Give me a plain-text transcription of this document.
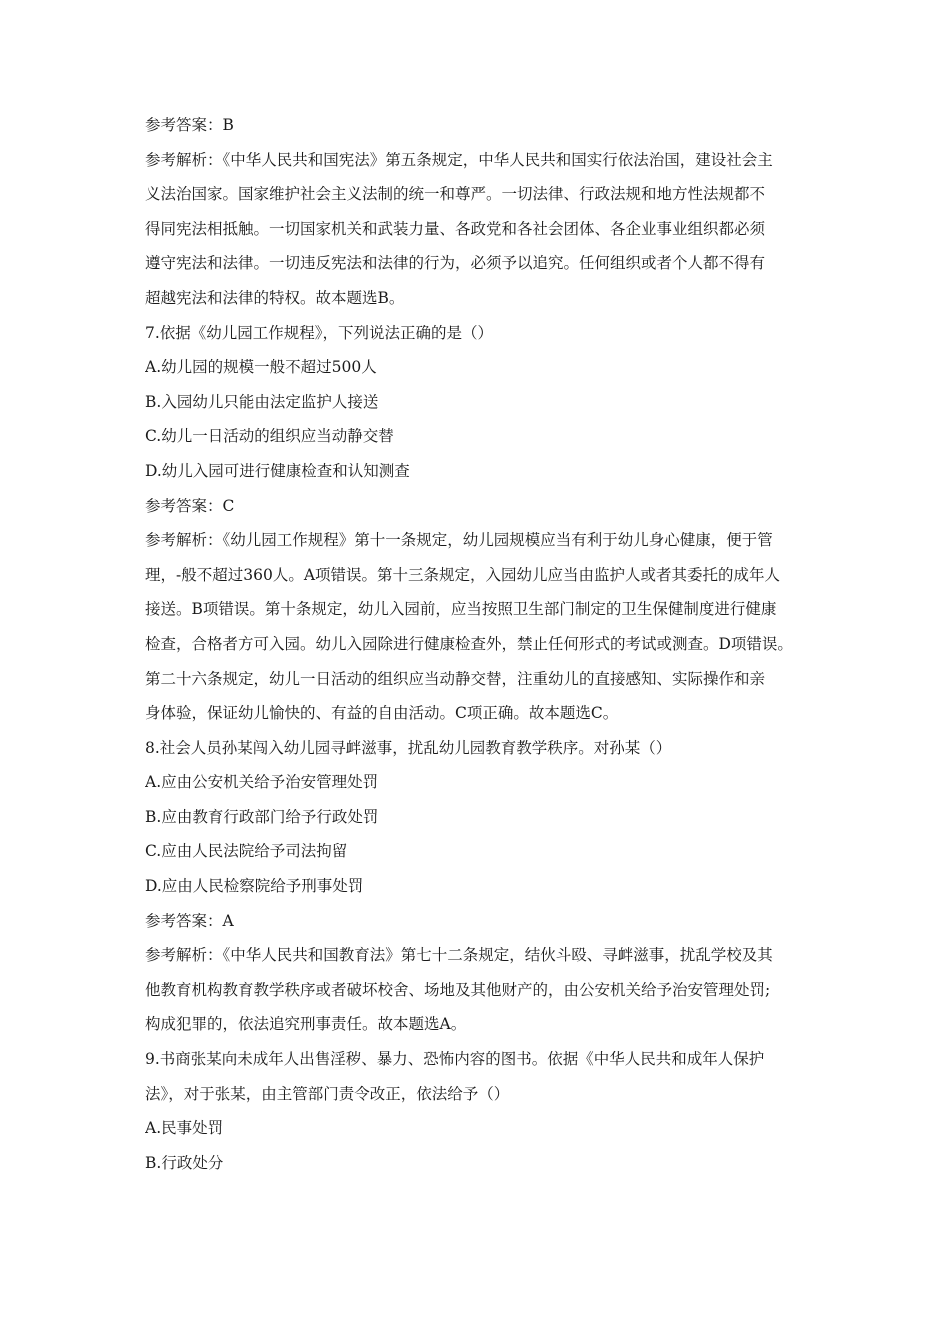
参考答案：B
参考解析：《中华人民共和国宪法》第五条规定，中华人民共和国实行依法治国，建设社会主
义法治国家。国家维护社会主义法制的统一和尊严。一切法律、行政法规和地方性法规都不
得同宪法相抵触。一切国家机关和武装力量、各政党和各社会团体、各企业事业组织都必须
遵守宪法和法律。一切违反宪法和法律的行为，必须予以追究。任何组织或者个人都不得有
超越宪法和法律的特权。故本题选B。
7.依据《幼儿园工作规程》，下列说法正确的是（）
A.幼儿园的规模一般不超过500人
B.入园幼儿只能由法定监护人接送
C.幼儿一日活动的组织应当动静交替
D.幼儿入园可进行健康检查和认知测查
参考答案：C
参考解析：《幼儿园工作规程》第十一条规定，幼儿园规模应当有利于幼儿身心健康，便于管
理，-般不超过360人。A项错误。第十三条规定，入园幼儿应当由监护人或者其委托的成年人
接送。B项错误。第十条规定，幼儿入园前，应当按照卫生部门制定的卫生保健制度进行健康
检查，合格者方可入园。幼儿入园除进行健康检查外，禁止任何形式的考试或测查。D项错误。
第二十六条规定，幼儿一日活动的组织应当动静交替，注重幼儿的直接感知、实际操作和亲
身体验，保证幼儿愉快的、有益的自由活动。C项正确。故本题选C。
8.社会人员孙某闯入幼儿园寻衅滋事，扰乱幼儿园教育教学秩序。对孙某（）
A.应由公安机关给予治安管理处罚
B.应由教育行政部门给予行政处罚
C.应由人民法院给予司法拘留
D.应由人民检察院给予刑事处罚
参考答案：A
参考解析：《中华人民共和国教育法》第七十二条规定，结伙斗殴、寻衅滋事，扰乱学校及其
他教育机构教育教学秩序或者破坏校舍、场地及其他财产的，由公安机关给予治安管理处罚;
构成犯罪的，依法追究刑事责任。故本题选A。
9.书商张某向未成年人出售淫秽、暴力、恐怖内容的图书。依据《中华人民共和成年人保护
法》，对于张某，由主管部门责令改正，依法给予（）
A.民事处罚
B.行政处分
